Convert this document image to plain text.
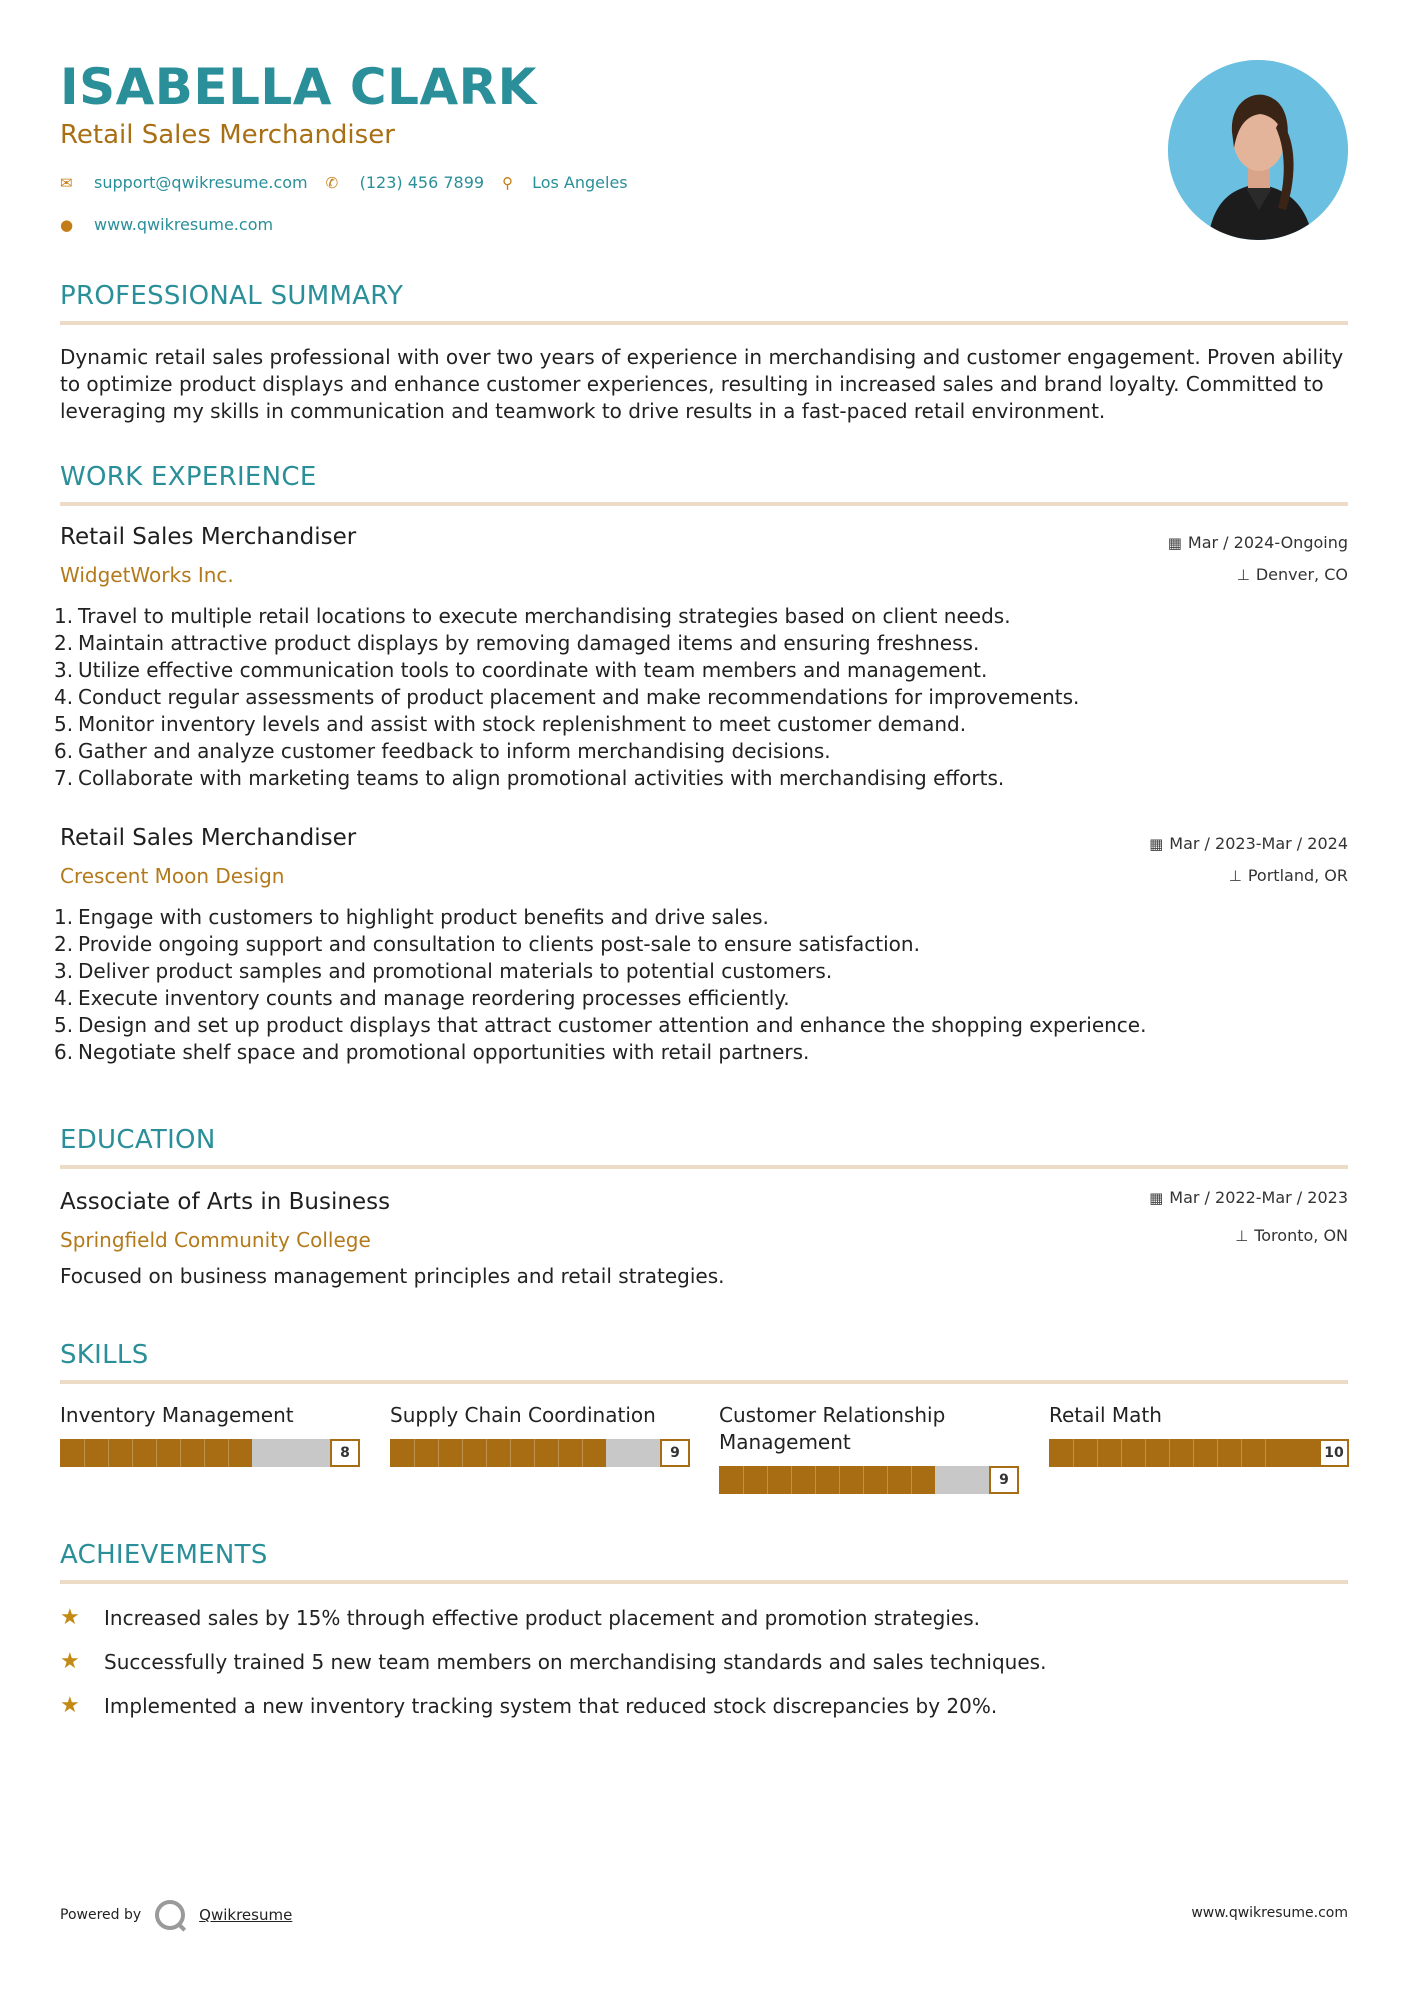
ISABELLA CLARK
Retail Sales Merchandiser
✉	support@qwikresume.com ✆	(123) 456 7899 ⚲	Los Angeles
●	www.qwikresume.com
PROFESSIONAL SUMMARY
Dynamic retail sales professional with over two years of experience in merchandising and customer engagement. Proven ability to optimize product displays and enhance customer experiences, resulting in increased sales and brand loyalty. Committed to leveraging my skills in communication and teamwork to drive results in a fast-paced retail environment.
WORK EXPERIENCE
Retail Sales Merchandiser
WidgetWorks Inc.
▦ Mar / 2024-Ongoing
⊥ Denver, CO
1. Travel to multiple retail locations to execute merchandising strategies based on client needs.
2. Maintain attractive product displays by removing damaged items and ensuring freshness.
3. Utilize effective communication tools to coordinate with team members and management.
4. Conduct regular assessments of product placement and make recommendations for improvements.
5. Monitor inventory levels and assist with stock replenishment to meet customer demand.
6. Gather and analyze customer feedback to inform merchandising decisions.
7. Collaborate with marketing teams to align promotional activities with merchandising efforts.
Retail Sales Merchandiser
Crescent Moon Design
▦ Mar / 2023-Mar / 2024
⊥ Portland, OR
1. Engage with customers to highlight product benefits and drive sales.
2. Provide ongoing support and consultation to clients post-sale to ensure satisfaction.
3. Deliver product samples and promotional materials to potential customers.
4. Execute inventory counts and manage reordering processes efficiently.
5. Design and set up product displays that attract customer attention and enhance the shopping experience.
6. Negotiate shelf space and promotional opportunities with retail partners.
EDUCATION
Associate of Arts in Business
Springfield Community College
▦ Mar / 2022-Mar / 2023
⊥ Toronto, ON
Focused on business management principles and retail strategies.
SKILLS
Inventory Management
8
Supply Chain Coordination
9
Customer Relationship Management
9
Retail Math
10
ACHIEVEMENTS
★	Increased sales by 15% through effective product placement and promotion strategies.
★	Successfully trained 5 new team members on merchandising standards and sales techniques.
★	Implemented a new inventory tracking system that reduced stock discrepancies by 20%.
Powered by	Qwikresume	www.qwikresume.com
